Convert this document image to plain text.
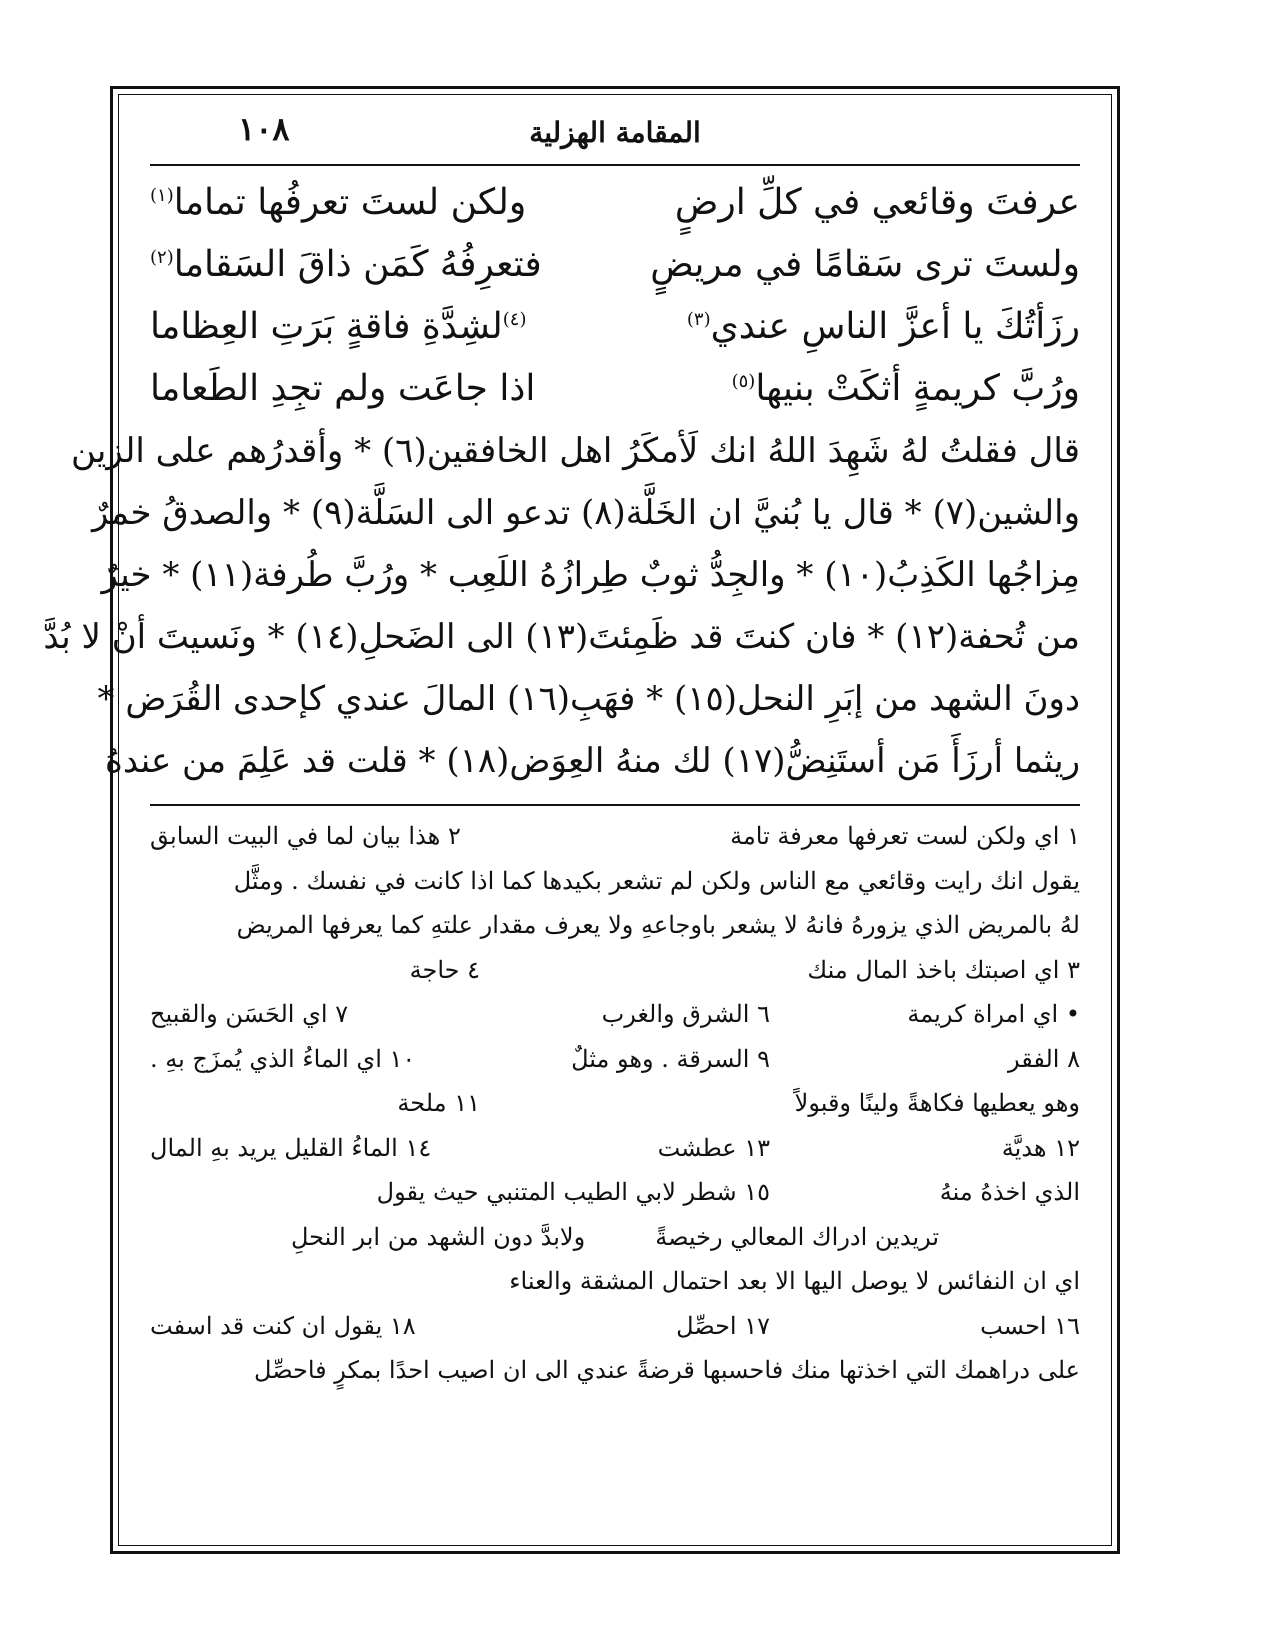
المقامة الهزلية
١٠٨
عرفتَ وقائعي في كلِّ ارضٍ
ولكن لستَ تعرفُها تماما$^{(١)}$
ولستَ ترى سَقامًا في مريضٍ
فتعرِفُهُ كَمَن ذاقَ السَقاما$^{(٢)}$
رزَأتُكَ يا أعزَّ الناسِ عندي$^{(٣)}$
$^{(٤)}$لشِدَّةِ فاقةٍ بَرَتِ العِظاما
ورُبَّ كريمةٍ أثكَتْ بنيها$^{(٥)}$
اذا جاعَت ولم تجِدِ الطَعاما
قال فقلتُ لهُ شَهِدَ اللهُ انك لَأمكَرُ اهل الخافقين(٦) * وأقدرُهم على الزين
والشين(٧) * قال يا بُنيَّ ان الخَلَّة(٨) تدعو الى السَلَّة(٩) * والصدقُ خمرٌ
مِزاجُها الكَذِبُ(١٠) * والجِدُّ ثوبٌ طِرازُهُ اللَعِب * ورُبَّ طُرفة(١١) * خيرٌ
من تُحفة(١٢) * فان كنتَ قد ظَمِئتَ(١٣) الى الضَحلِ(١٤) * ونَسيتَ أنْ لا بُدَّ
دونَ الشهد من إبَرِ النحل(١٥) * فهَبِ(١٦) المالَ عندي كإحدى القُرَض *
ريثما أرزَأَ مَن أستَنِضُّ(١٧) لك منهُ العِوَض(١٨) * قلت قد عَلِمَ من عندهُ
١ اي ولكن لست تعرفها معرفة تامة
٢ هذا بيان لما في البيت السابق
يقول انك رايت وقائعي مع الناس ولكن لم تشعر بكيدها كما اذا كانت في نفسك . ومثَّل
لهُ بالمريض الذي يزورهُ فانهُ لا يشعر باوجاعهِ ولا يعرف مقدار علتهِ كما يعرفها المريض
٣ اي اصبتك باخذ المال منك
٤ حاجة
• اي امراة كريمة
٦ الشرق والغرب
٧ اي الحَسَن والقبيح
٨ الفقر
٩ السرقة . وهو مثلٌ
١٠ اي الماءُ الذي يُمزَج بهِ .
وهو يعطيها فكاهةً ولينًا وقبولاً
١١ ملحة
١٢ هديَّة
١٣ عطشت
١٤ الماءُ القليل يريد بهِ المال
الذي اخذهُ منهُ
١٥ شطر لابي الطيب المتنبي حيث يقول
تريدين ادراك المعالي رخيصةً
ولابدَّ دون الشهد من ابر النحلِ
اي ان النفائس لا يوصل اليها الا بعد احتمال المشقة والعناء
١٦ احسب
١٧ احصِّل
١٨ يقول ان كنت قد اسفت
على دراهمك التي اخذتها منك فاحسبها قرضةً عندي الى ان اصيب احدًا بمكرٍ فاحصِّل
